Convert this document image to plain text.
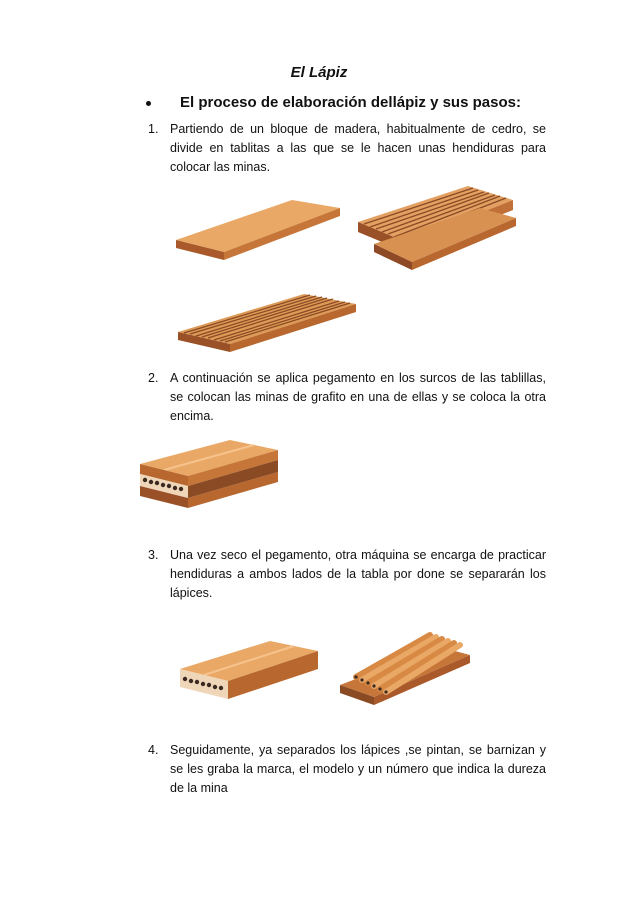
El Lápiz
El proceso de elaboración dellápiz y sus pasos:
1. Partiendo de un bloque de madera, habitualmente de cedro, se divide en tablitas a las que se le hacen unas hendiduras para colocar las minas.
2. A continuación se aplica pegamento en los surcos de las tablillas, se colocan las minas de grafito en una de ellas y se coloca la otra encima.
3. Una vez seco el pegamento, otra máquina se encarga de practicar hendiduras a ambos lados de la tabla por done se separarán los lápices.
4. Seguidamente, ya separados los lápices ,se pintan, se barnizan y se les graba la marca, el modelo y un número que indica la dureza de la mina
